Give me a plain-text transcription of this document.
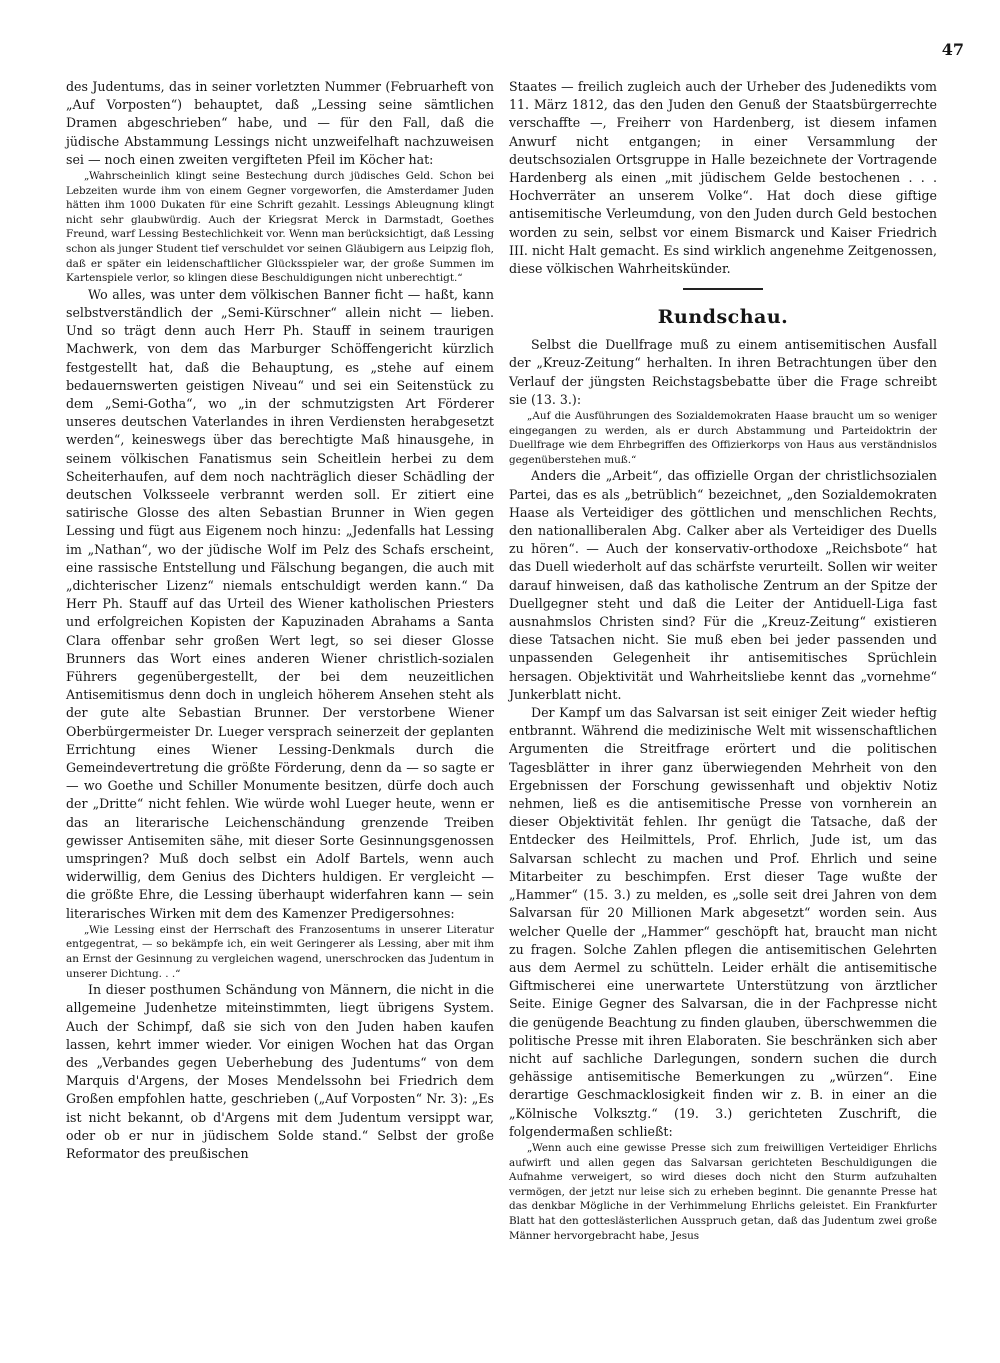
47

des Judentums, das in seiner vorletzten Nummer (Februarheft von „Auf Vorposten“) behauptet, daß „Lessing seine sämtlichen Dramen abgeschrieben“ habe, und — für den Fall, daß die jüdische Abstammung Lessings nicht unzweifelhaft nachzuweisen sei — noch einen zweiten vergifteten Pfeil im Köcher hat:

„Wahrscheinlich klingt seine Bestechung durch jüdisches Geld. Schon bei Lebzeiten wurde ihm von einem Gegner vorgeworfen, die Amsterdamer Juden hätten ihm 1000 Dukaten für eine Schrift gezahlt. Lessings Ableugnung klingt nicht sehr glaubwürdig. Auch der Kriegsrat Merck in Darmstadt, Goethes Freund, warf Lessing Bestechlichkeit vor. Wenn man berücksichtigt, daß Lessing schon als junger Student tief verschuldet vor seinen Gläubigern aus Leipzig floh, daß er später ein leidenschaftlicher Glücksspieler war, der große Summen im Kartenspiele verlor, so klingen diese Beschuldigungen nicht unberechtigt.“

Wo alles, was unter dem völkischen Banner ficht — haßt, kann selbstverständlich der „Semi-Kürschner“ allein nicht — lieben. Und so trägt denn auch Herr Ph. Stauff in seinem traurigen Machwerk, von dem das Marburger Schöffengericht kürzlich festgestellt hat, daß die Behauptung, es „stehe auf einem bedauernswerten geistigen Niveau“ und sei ein Seitenstück zu dem „Semi-Gotha“, wo „in der schmutzigsten Art Förderer unseres deutschen Vaterlandes in ihren Verdiensten herabgesetzt werden“, keineswegs über das berechtigte Maß hinausgehe, in seinem völkischen Fanatismus sein Scheitlein herbei zu dem Scheiterhaufen, auf dem noch nachträglich dieser Schädling der deutschen Volksseele verbrannt werden soll. Er zitiert eine satirische Glosse des alten Sebastian Brunner in Wien gegen Lessing und fügt aus Eigenem noch hinzu: „Jedenfalls hat Lessing im „Nathan“, wo der jüdische Wolf im Pelz des Schafs erscheint, eine rassische Entstellung und Fälschung begangen, die auch mit „dichterischer Lizenz“ niemals entschuldigt werden kann.“ Da Herr Ph. Stauff auf das Urteil des Wiener katholischen Priesters und erfolgreichen Kopisten der Kapuzinaden Abrahams a Santa Clara offenbar sehr großen Wert legt, so sei dieser Glosse Brunners das Wort eines anderen Wiener christlich-sozialen Führers gegenübergestellt, der bei dem neuzeitlichen Antisemitismus denn doch in ungleich höherem Ansehen steht als der gute alte Sebastian Brunner. Der verstorbene Wiener Oberbürgermeister Dr. Lueger versprach seinerzeit der geplanten Errichtung eines Wiener Lessing-Denkmals durch die Gemeindevertretung die größte Förderung, denn da — so sagte er — wo Goethe und Schiller Monumente besitzen, dürfe doch auch der „Dritte“ nicht fehlen. Wie würde wohl Lueger heute, wenn er das an literarische Leichenschändung grenzende Treiben gewisser Antisemiten sähe, mit dieser Sorte Gesinnungsgenossen umspringen? Muß doch selbst ein Adolf Bartels, wenn auch widerwillig, dem Genius des Dichters huldigen. Er vergleicht — die größte Ehre, die Lessing überhaupt widerfahren kann — sein literarisches Wirken mit dem des Kamenzer Predigersohnes:

„Wie Lessing einst der Herrschaft des Franzosentums in unserer Literatur entgegentrat, — so bekämpfe ich, ein weit Geringerer als Lessing, aber mit ihm an Ernst der Gesinnung zu vergleichen wagend, unerschrocken das Judentum in unserer Dichtung. . .“

In dieser posthumen Schändung von Männern, die nicht in die allgemeine Judenhetze miteinstimmten, liegt übrigens System. Auch der Schimpf, daß sie sich von den Juden haben kaufen lassen, kehrt immer wieder. Vor einigen Wochen hat das Organ des „Verbandes gegen Ueberhebung des Judentums“ von dem Marquis d'Argens, der Moses Mendelssohn bei Friedrich dem Großen empfohlen hatte, geschrieben („Auf Vorposten“ Nr. 3): „Es ist nicht bekannt, ob d'Argens mit dem Judentum versippt war, oder ob er nur in jüdischem Solde stand.“ Selbst der große Reformator des preußischen

Staates — freilich zugleich auch der Urheber des Judenedikts vom 11. März 1812, das den Juden den Genuß der Staatsbürgerrechte verschaffte —, Freiherr von Hardenberg, ist diesem infamen Anwurf nicht entgangen; in einer Versammlung der deutschsozialen Ortsgruppe in Halle bezeichnete der Vortragende Hardenberg als einen „mit jüdischem Gelde bestochenen . . . Hochverräter an unserem Volke“. Hat doch diese giftige antisemitische Verleumdung, von den Juden durch Geld bestochen worden zu sein, selbst vor einem Bismarck und Kaiser Friedrich III. nicht Halt gemacht. Es sind wirklich angenehme Zeitgenossen, diese völkischen Wahrheitskünder.

Rundschau.

Selbst die Duellfrage muß zu einem antisemitischen Ausfall der „Kreuz-Zeitung“ herhalten. In ihren Betrachtungen über den Verlauf der jüngsten Reichstagsbebatte über die Frage schreibt sie (13. 3.):

„Auf die Ausführungen des Sozialdemokraten Haase braucht um so weniger eingegangen zu werden, als er durch Abstammung und Parteidoktrin der Duellfrage wie dem Ehrbegriffen des Offizierkorps von Haus aus verständnislos gegenüberstehen muß.“

Anders die „Arbeit“, das offizielle Organ der christlichsozialen Partei, das es als „betrüblich“ bezeichnet, „den Sozialdemokraten Haase als Verteidiger des göttlichen und menschlichen Rechts, den nationalliberalen Abg. Calker aber als Verteidiger des Duells zu hören“. — Auch der konservativ-orthodoxe „Reichsbote“ hat das Duell wiederholt auf das schärfste verurteilt. Sollen wir weiter darauf hinweisen, daß das katholische Zentrum an der Spitze der Duellgegner steht und daß die Leiter der Antiduell-Liga fast ausnahmslos Christen sind? Für die „Kreuz-Zeitung“ existieren diese Tatsachen nicht. Sie muß eben bei jeder passenden und unpassenden Gelegenheit ihr antisemitisches Sprüchlein hersagen. Objektivität und Wahrheitsliebe kennt das „vornehme“ Junkerblatt nicht.

Der Kampf um das Salvarsan ist seit einiger Zeit wieder heftig entbrannt. Während die medizinische Welt mit wissenschaftlichen Argumenten die Streitfrage erörtert und die politischen Tagesblätter in ihrer ganz überwiegenden Mehrheit von den Ergebnissen der Forschung gewissenhaft und objektiv Notiz nehmen, ließ es die antisemitische Presse von vornherein an dieser Objektivität fehlen. Ihr genügt die Tatsache, daß der Entdecker des Heilmittels, Prof. Ehrlich, Jude ist, um das Salvarsan schlecht zu machen und Prof. Ehrlich und seine Mitarbeiter zu beschimpfen. Erst dieser Tage wußte der „Hammer“ (15. 3.) zu melden, es „solle seit drei Jahren von dem Salvarsan für 20 Millionen Mark abgesetzt“ worden sein. Aus welcher Quelle der „Hammer“ geschöpft hat, braucht man nicht zu fragen. Solche Zahlen pflegen die antisemitischen Gelehrten aus dem Aermel zu schütteln. Leider erhält die antisemitische Giftmischerei eine unerwartete Unterstützung von ärztlicher Seite. Einige Gegner des Salvarsan, die in der Fachpresse nicht die genügende Beachtung zu finden glauben, überschwemmen die politische Presse mit ihren Elaboraten. Sie beschränken sich aber nicht auf sachliche Darlegungen, sondern suchen die durch gehässige antisemitische Bemerkungen zu „würzen“. Eine derartige Geschmacklosigkeit finden wir z. B. in einer an die „Kölnische Volksztg.“ (19. 3.) gerichteten Zuschrift, die folgendermaßen schließt:

„Wenn auch eine gewisse Presse sich zum freiwilligen Verteidiger Ehrlichs aufwirft und allen gegen das Salvarsan gerichteten Beschuldigungen die Aufnahme verweigert, so wird dieses doch nicht den Sturm aufzuhalten vermögen, der jetzt nur leise sich zu erheben beginnt. Die genannte Presse hat das denkbar Mögliche in der Verhimmelung Ehrlichs geleistet. Ein Frankfurter Blatt hat den gotteslästerlichen Ausspruch getan, daß das Judentum zwei große Männer hervorgebracht habe, Jesus
